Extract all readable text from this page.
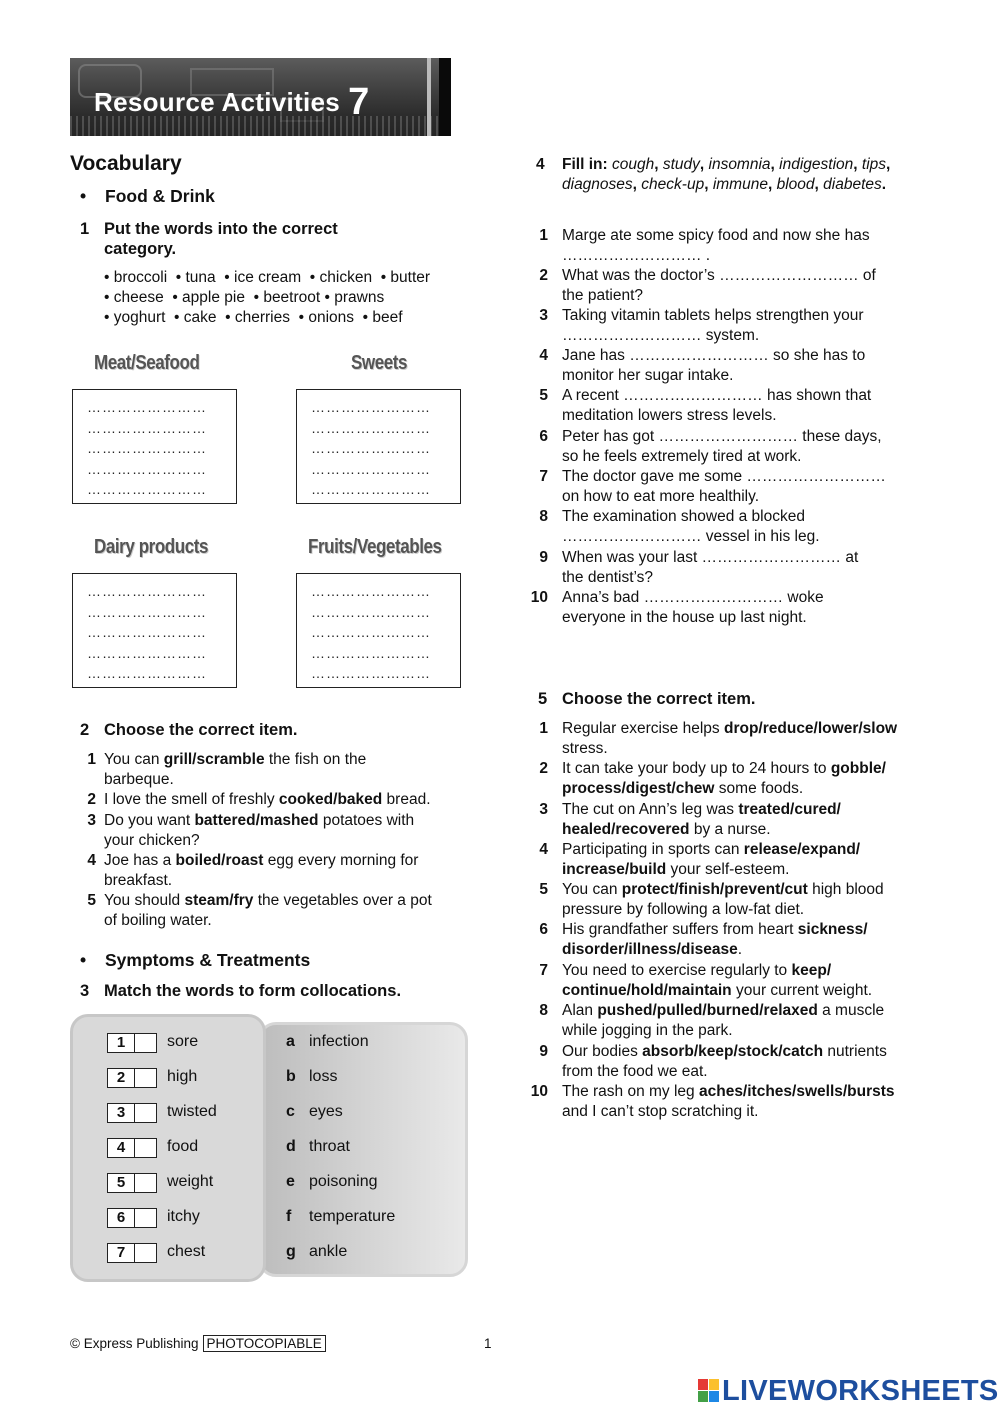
Resource Activities 7
Vocabulary
• Food & Drink
1 Put the words into the correct
category.
• broccoli  • tuna  • ice cream  • chicken  • butter
• cheese  • apple pie  • beetroot • prawns
• yoghurt  • cake  • cherries  • onions  • beef
Meat/Seafood	Sweets
Dairy products	Fruits/Vegetables
……………………
……………………
……………………
……………………
……………………
……………………
……………………
……………………
……………………
……………………
……………………
……………………
……………………
……………………
……………………
……………………
……………………
……………………
……………………
……………………
2 Choose the correct item.
1 You can grill/scramble the fish on the
barbeque.
2 I love the smell of freshly cooked/baked bread.

3 Do you want battered/mashed potatoes with
your chicken?
4 Joe has a boiled/roast egg every morning for
breakfast.
5 You should steam/fry the vegetables over a pot
of boiling water.
• Symptoms & Treatments
3 Match the words to form collocations.
1	sore
2	high
3	twisted
4	food
5	weight
6	itchy
7	chest
a infection
b loss
c eyes
d throat
e poisoning
f temperature
g ankle
4 Fill in: cough, study, insomnia, indigestion, tips, diagnoses, check-up, immune, blood, diabetes.
1 Marge ate some spicy food and now she has
……………………… .
2 What was the doctor’s ……………………… of
the patient?
3 Taking vitamin tablets helps strengthen your
……………………… system.
4 Jane has ……………………… so she has to
monitor her sugar intake.
5 A recent ……………………… has shown that
meditation lowers stress levels.
6 Peter has got ……………………… these days,
so he feels extremely tired at work.
7 The doctor gave me some ………………………
on how to eat more healthily.
8 The examination showed a blocked
……………………… vessel in his leg.
9 When was your last ……………………… at
the dentist’s?
10 Anna’s bad ……………………… woke
everyone in the house up last night.
5 Choose the correct item.
1 Regular exercise helps drop/reduce/lower/slow
stress.
2 It can take your body up to 24 hours to gobble/
process/digest/chew some foods.
3 The cut on Ann’s leg was treated/cured/
healed/recovered by a nurse.
4 Participating in sports can release/expand/
increase/build your self-esteem.
5 You can protect/finish/prevent/cut high blood
pressure by following a low-fat diet.
6 His grandfather suffers from heart sickness/
disorder/illness/disease.
7 You need to exercise regularly to keep/
continue/hold/maintain your current weight.
8 Alan pushed/pulled/burned/relaxed a muscle
while jogging in the park.
9 Our bodies absorb/keep/stock/catch nutrients
from the food we eat.
10 The rash on my leg aches/itches/swells/bursts
and I can’t stop scratching it.
© Express Publishing PHOTOCOPIABLE	1
LIVEWORKSHEETS
